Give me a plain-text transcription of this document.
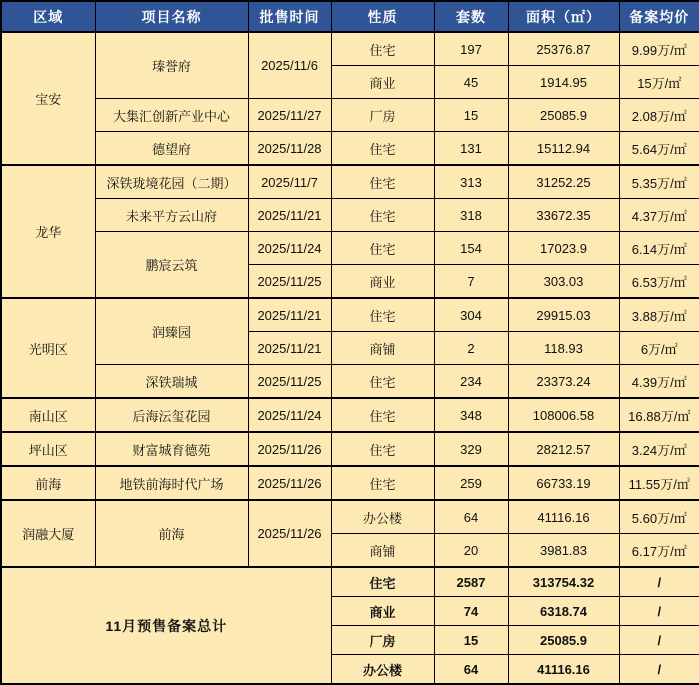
区域	项目名称	批售时间	性质	套数	面积（㎡）	备案均价
宝安	瑧誉府	2025/11/6	住宅	197	25376.87	9.99万/㎡
			商业	45	1914.95	15万/㎡
	大集汇创新产业中心	2025/11/27	厂房	15	25085.9	2.08万/㎡
	德望府	2025/11/28	住宅	131	15112.94	5.64万/㎡
龙华	深铁珑境花园（二期）	2025/11/7	住宅	313	31252.25	5.35万/㎡
	未来平方云山府	2025/11/21	住宅	318	33672.35	4.37万/㎡
	鹏宸云筑	2025/11/24	住宅	154	17023.9	6.14万/㎡
		2025/11/25	商业	7	303.03	6.53万/㎡
光明区	润臻园	2025/11/21	住宅	304	29915.03	3.88万/㎡
		2025/11/21	商铺	2	118.93	6万/㎡
	深铁瑞城	2025/11/25	住宅	234	23373.24	4.39万/㎡
南山区	后海沄玺花园	2025/11/24	住宅	348	108006.58	16.88万/㎡
坪山区	财富城育德苑	2025/11/26	住宅	329	28212.57	3.24万/㎡
前海	地铁前海时代广场	2025/11/26	住宅	259	66733.19	11.55万/㎡
润融大厦	前海	2025/11/26	办公楼	64	41116.16	5.60万/㎡
			商铺	20	3981.83	6.17万/㎡
11月预售备案总计			住宅	2587	313754.32	/
			商业	74	6318.74	/
			厂房	15	25085.9	/
			办公楼	64	41116.16	/
